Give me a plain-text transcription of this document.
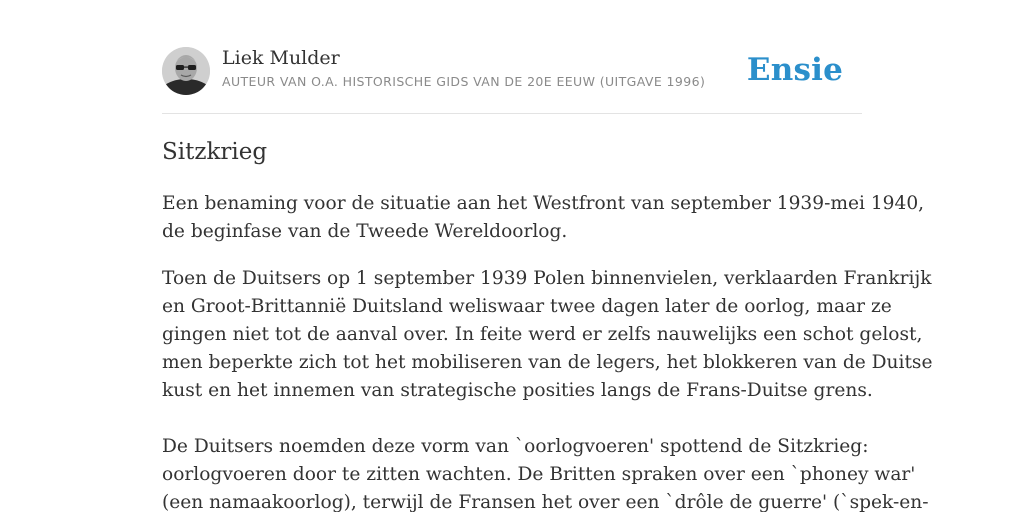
Liek Mulder
AUTEUR VAN O.A. HISTORISCHE GIDS VAN DE 20E EEUW (UITGAVE 1996) Ensie
Sitzkrieg

Een benaming voor de situatie aan het Westfront van september 1939-mei 1940,
de beginfase van de Tweede Wereldoorlog.

Toen de Duitsers op 1 september 1939 Polen binnenvielen, verklaarden Frankrijk
en Groot-Brittannië Duitsland weliswaar twee dagen later de oorlog, maar ze
gingen niet tot de aanval over. In feite werd er zelfs nauwelijks een schot gelost,
men beperkte zich tot het mobiliseren van de legers, het blokkeren van de Duitse
kust en het innemen van strategische posities langs de Frans-Duitse grens.

De Duitsers noemden deze vorm van `oorlogvoeren' spottend de Sitzkrieg:
oorlogvoeren door te zitten wachten. De Britten spraken over een `phoney war'
(een namaakoorlog), terwijl de Fransen het over een `drôle de guerre' (`spek-en-
